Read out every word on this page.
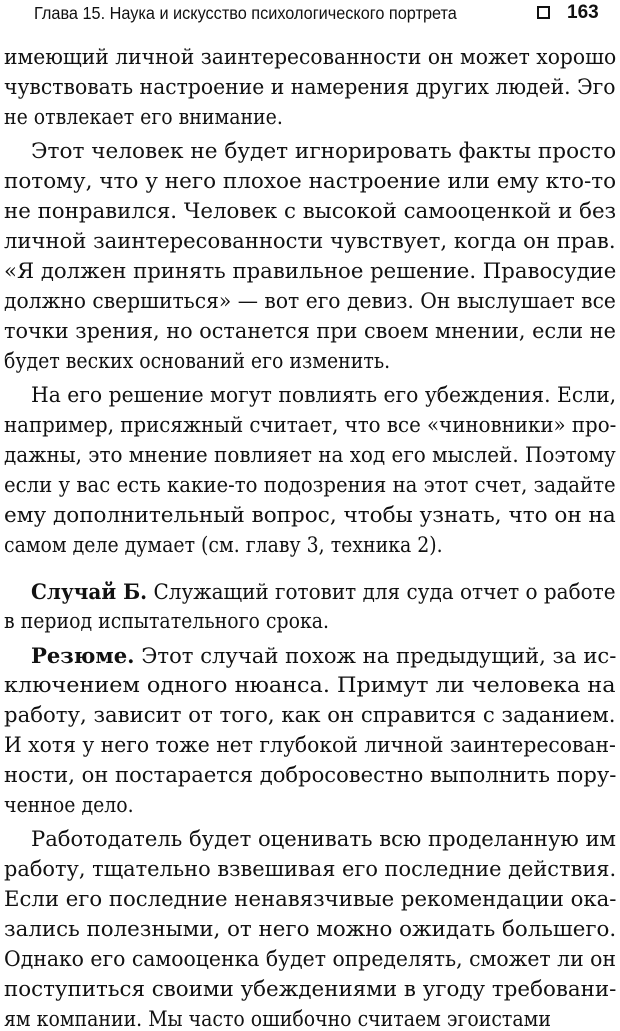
Глава 15. Наука и искусство психологического портрета	163
имеющий личной заинтересованности он может хорошо
чувствовать настроение и намерения других людей. Эго
не отвлекает его внимание.
Этот человек не будет игнорировать факты просто
потому, что у него плохое настроение или ему кто-то
не понравился. Человек с высокой самооценкой и без
личной заинтересованности чувствует, когда он прав.
«Я должен принять правильное решение. Правосудие
должно свершиться» — вот его девиз. Он выслушает все
точки зрения, но останется при своем мнении, если не
будет веских оснований его изменить.
На его решение могут повлиять его убеждения. Если,
например, присяжный считает, что все «чиновники» про-
дажны, это мнение повлияет на ход его мыслей. Поэтому
если у вас есть какие-то подозрения на этот счет, задайте
ему дополнительный вопрос, чтобы узнать, что он на
самом деле думает (см. главу 3, техника 2).
Случай Б. Служащий готовит для суда отчет о работе
в период испытательного срока.
Резюме. Этот случай похож на предыдущий, за ис-
ключением одного нюанса. Примут ли человека на
работу, зависит от того, как он справится с заданием.
И хотя у него тоже нет глубокой личной заинтересован-
ности, он постарается добросовестно выполнить пору-
ченное дело.
Работодатель будет оценивать всю проделанную им
работу, тщательно взвешивая его последние действия.
Если его последние ненавязчивые рекомендации ока-
зались полезными, от него можно ожидать большего.
Однако его самооценка будет определять, сможет ли он
поступиться своими убеждениями в угоду требовани-
ям компании. Мы часто ошибочно считаем эгоистами
